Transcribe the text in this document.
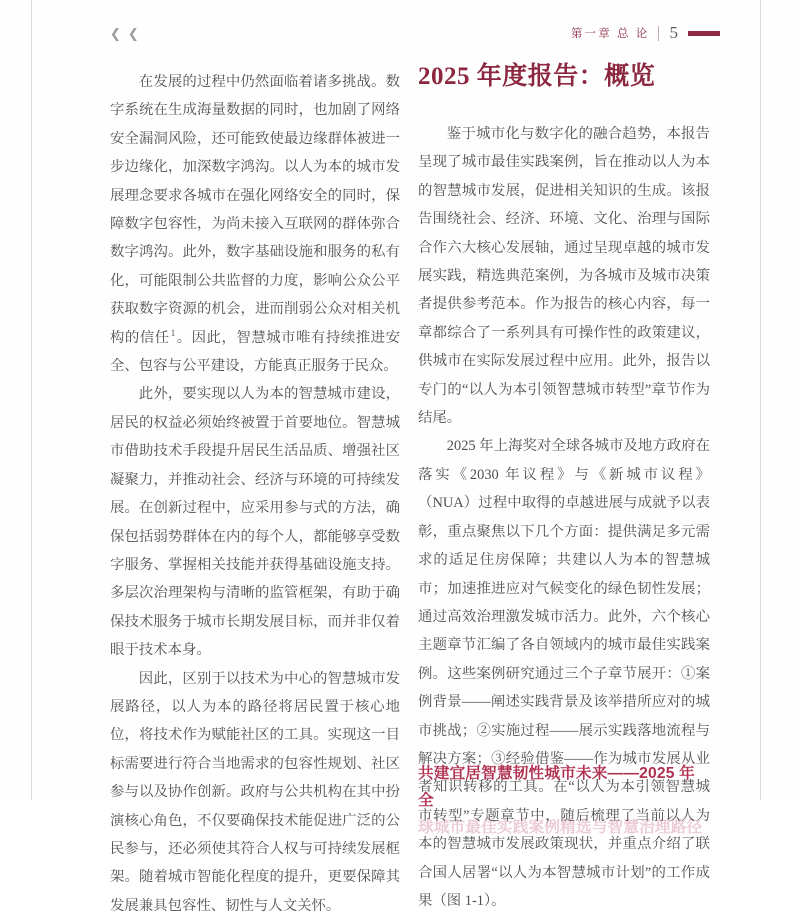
❮ ❮	第一章 总 论	5

在发展的过程中仍然面临着诸多挑战。数字系统在生成海量数据的同时，也加剧了网络安全漏洞风险，还可能致使最边缘群体被进一步边缘化，加深数字鸿沟。以人为本的城市发展理念要求各城市在强化网络安全的同时，保障数字包容性，为尚未接入互联网的群体弥合数字鸿沟。此外，数字基础设施和服务的私有化，可能限制公共监督的力度，影响公众公平获取数字资源的机会，进而削弱公众对相关机构的信任$^1$。因此，智慧城市唯有持续推进安全、包容与公平建设，方能真正服务于民众。

此外，要实现以人为本的智慧城市建设，居民的权益必须始终被置于首要地位。智慧城市借助技术手段提升居民生活品质、增强社区凝聚力，并推动社会、经济与环境的可持续发展。在创新过程中，应采用参与式的方法，确保包括弱势群体在内的每个人，都能够享受数字服务、掌握相关技能并获得基础设施支持。多层次治理架构与清晰的监管框架，有助于确保技术服务于城市长期发展目标，而并非仅着眼于技术本身。

因此，区别于以技术为中心的智慧城市发展路径，以人为本的路径将居民置于核心地位，将技术作为赋能社区的工具。实现这一目标需要进行符合当地需求的包容性规划、社区参与以及协作创新。政府与公共机构在其中扮演核心角色，不仅要确保技术能促进广泛的公民参与，还必须使其符合人权与可持续发展框架。随着城市智能化程度的提升，更要保障其发展兼具包容性、韧性与人文关怀。

2025 年度报告：概览

鉴于城市化与数字化的融合趋势，本报告呈现了城市最佳实践案例，旨在推动以人为本的智慧城市发展，促进相关知识的生成。该报告围绕社会、经济、环境、文化、治理与国际合作六大核心发展轴，通过呈现卓越的城市发展实践，精选典范案例，为各城市及城市决策者提供参考范本。作为报告的核心内容，每一章都综合了一系列具有可操作性的政策建议，供城市在实际发展过程中应用。此外，报告以专门的“以人为本引领智慧城市转型”章节作为结尾。

2025 年上海奖对全球各城市及地方政府在落实《2030 年议程》与《新城市议程》（NUA）过程中取得的卓越进展与成就予以表彰，重点聚焦以下几个方面：提供满足多元需求的适足住房保障；共建以人为本的智慧城市；加速推进应对气候变化的绿色韧性发展；通过高效治理激发城市活力。此外，六个核心主题章节汇编了各自领域内的城市最佳实践案例。这些案例研究通过三个子章节展开：①案例背景——阐述实践背景及该举措所应对的城市挑战；②实施过程——展示实践落地流程与解决方案；③经验借鉴——作为城市发展从业者知识转移的工具。在“以人为本引领智慧城市转型”专题章节中，随后梳理了当前以人为本的智慧城市发展政策现状，并重点介绍了联合国人居署“以人为本智慧城市计划”的工作成果（图 1-1）。

共建宜居智慧韧性城市未来——2025 年全
球城市最佳实践案例精选与智慧治理路径
